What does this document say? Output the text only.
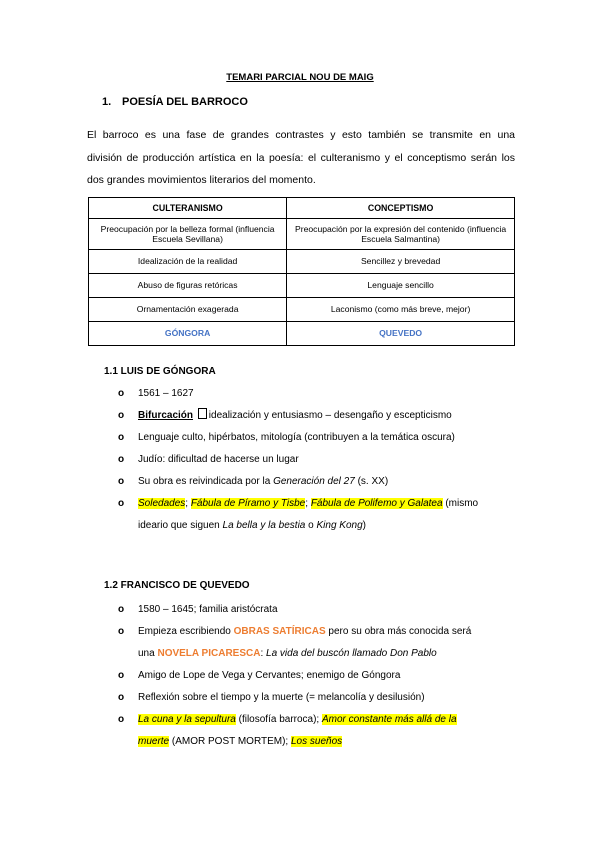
TEMARI PARCIAL NOU DE MAIG
1. POESÍA DEL BARROCO
El barroco es una fase de grandes contrastes y esto también se transmite en una
división de producción artística en la poesía: el culteranismo y el conceptismo serán los
dos grandes movimientos literarios del momento.
CULTERANISMO	CONCEPTISMO
Preocupación por la belleza formal (influencia Escuela Sevillana)	Preocupación por la expresión del contenido (influencia Escuela Salmantina)
Idealización de la realidad	Sencillez y brevedad
Abuso de figuras retóricas	Lenguaje sencillo
Ornamentación exagerada	Laconismo (como más breve, mejor)
GÓNGORA	QUEVEDO
1.1 LUIS DE GÓNGORA
o	1561 – 1627
o	Bifurcación idealización y entusiasmo – desengaño y escepticismo
o	Lenguaje culto, hipérbatos, mitología (contribuyen a la temática oscura)
o	Judío: dificultad de hacerse un lugar
o	Su obra es reivindicada por la Generación del 27 (s. XX)
o	Soledades; Fábula de Píramo y Tisbe; Fábula de Polifemo y Galatea (mismo
ideario que siguen La bella y la bestia o King Kong)
1.2 FRANCISCO DE QUEVEDO
o	1580 – 1645; familia aristócrata
o	Empieza escribiendo OBRAS SATÍRICAS pero su obra más conocida será
una NOVELA PICARESCA: La vida del buscón llamado Don Pablo
o	Amigo de Lope de Vega y Cervantes; enemigo de Góngora
o	Reflexión sobre el tiempo y la muerte (= melancolía y desilusión)
o	La cuna y la sepultura (filosofía barroca); Amor constante más allá de la
muerte (AMOR POST MORTEM); Los sueños
